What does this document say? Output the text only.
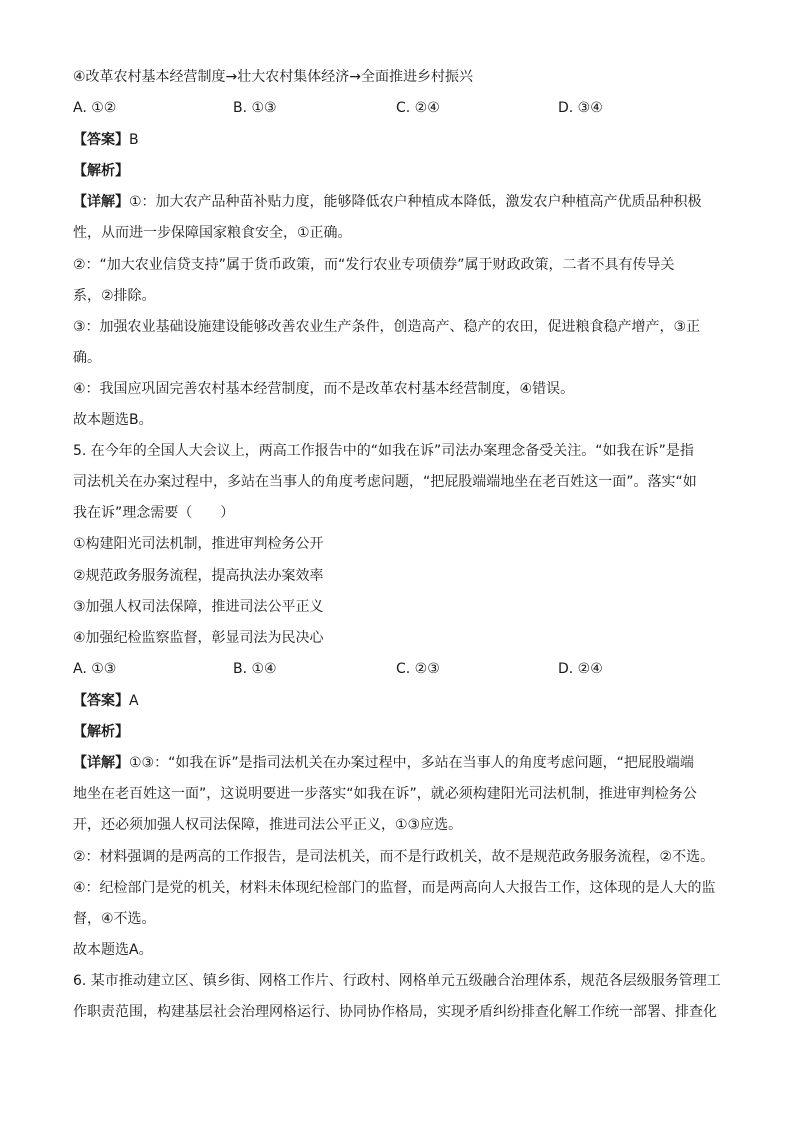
④改革农村基本经营制度→壮大农村集体经济→全面推进乡村振兴
A. ①②	B. ①③	C. ②④	D. ③④
【答案】B
【解析】
【详解】①：加大农产品种苗补贴力度，能够降低农户种植成本降低，激发农户种植高产优质品种积极
性，从而进一步保障国家粮食安全，①正确。
②：“加大农业信贷支持”属于货币政策，而“发行农业专项债券”属于财政政策，二者不具有传导关
系，②排除。
③：加强农业基础设施建设能够改善农业生产条件，创造高产、稳产的农田，促进粮食稳产增产，③正
确。
④：我国应巩固完善农村基本经营制度，而不是改革农村基本经营制度，④错误。
故本题选B。
5. 在今年的全国人大会议上，两高工作报告中的“如我在诉”司法办案理念备受关注。“如我在诉”是指
司法机关在办案过程中，多站在当事人的角度考虑问题，“把屁股端端地坐在老百姓这一面”。落实“如
我在诉”理念需要（　　）
①构建阳光司法机制，推进审判检务公开
②规范政务服务流程，提高执法办案效率
③加强人权司法保障，推进司法公平正义
④加强纪检监察监督，彰显司法为民决心
A. ①③	B. ①④	C. ②③	D. ②④
【答案】A
【解析】
【详解】①③：“如我在诉”是指司法机关在办案过程中，多站在当事人的角度考虑问题，“把屁股端端
地坐在老百姓这一面”，这说明要进一步落实“如我在诉”，就必须构建阳光司法机制，推进审判检务公
开，还必须加强人权司法保障，推进司法公平正义，①③应选。
②：材料强调的是两高的工作报告，是司法机关，而不是行政机关，故不是规范政务服务流程，②不选。
④：纪检部门是党的机关，材料未体现纪检部门的监督，而是两高向人大报告工作，这体现的是人大的监
督，④不选。
故本题选A。
6. 某市推动建立区、镇乡街、网格工作片、行政村、网格单元五级融合治理体系，规范各层级服务管理工
作职责范围，构建基层社会治理网格运行、协同协作格局，实现矛盾纠纷排查化解工作统一部署、排查化
